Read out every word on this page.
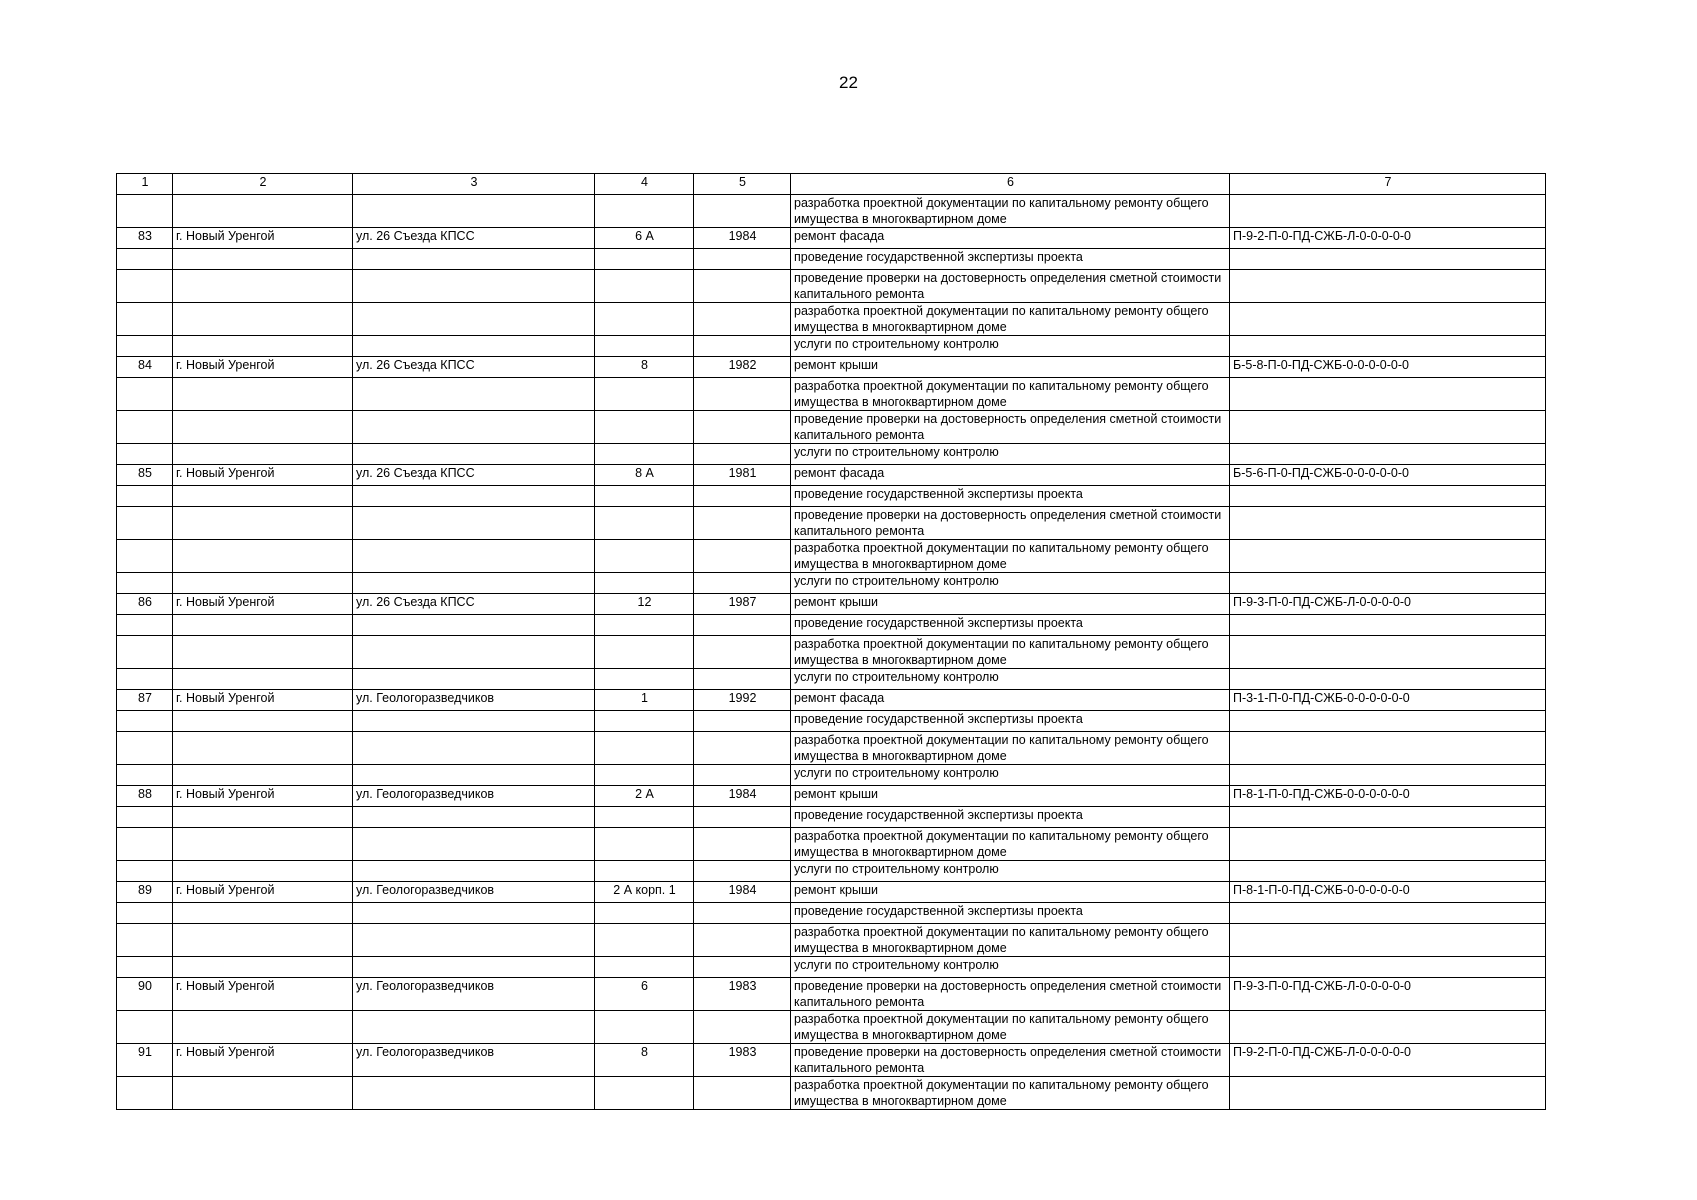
22
1	2	3	4	5	6	7
					разработка проектной документации по капитальному ремонту общего имущества в многоквартирном доме	
83	г. Новый Уренгой	ул. 26 Съезда КПСС	6 А	1984	ремонт фасада	П-9-2-П-0-ПД-СЖБ-Л-0-0-0-0-0
					проведение государственной экспертизы проекта	
					проведение проверки на достоверность определения сметной стоимости капитального ремонта	
					разработка проектной документации по капитальному ремонту общего имущества в многоквартирном доме	
					услуги по строительному контролю	
84	г. Новый Уренгой	ул. 26 Съезда КПСС	8	1982	ремонт крыши	Б-5-8-П-0-ПД-СЖБ-0-0-0-0-0-0
					разработка проектной документации по капитальному ремонту общего имущества в многоквартирном доме	
					проведение проверки на достоверность определения сметной стоимости капитального ремонта	
					услуги по строительному контролю	
85	г. Новый Уренгой	ул. 26 Съезда КПСС	8 А	1981	ремонт фасада	Б-5-6-П-0-ПД-СЖБ-0-0-0-0-0-0
					проведение государственной экспертизы проекта	
					проведение проверки на достоверность определения сметной стоимости капитального ремонта	
					разработка проектной документации по капитальному ремонту общего имущества в многоквартирном доме	
					услуги по строительному контролю	
86	г. Новый Уренгой	ул. 26 Съезда КПСС	12	1987	ремонт крыши	П-9-3-П-0-ПД-СЖБ-Л-0-0-0-0-0
					проведение государственной экспертизы проекта	
					разработка проектной документации по капитальному ремонту общего имущества в многоквартирном доме	
					услуги по строительному контролю	
87	г. Новый Уренгой	ул. Геологоразведчиков	1	1992	ремонт фасада	П-3-1-П-0-ПД-СЖБ-0-0-0-0-0-0
					проведение государственной экспертизы проекта	
					разработка проектной документации по капитальному ремонту общего имущества в многоквартирном доме	
					услуги по строительному контролю	
88	г. Новый Уренгой	ул. Геологоразведчиков	2 А	1984	ремонт крыши	П-8-1-П-0-ПД-СЖБ-0-0-0-0-0-0
					проведение государственной экспертизы проекта	
					разработка проектной документации по капитальному ремонту общего имущества в многоквартирном доме	
					услуги по строительному контролю	
89	г. Новый Уренгой	ул. Геологоразведчиков	2 А корп. 1	1984	ремонт крыши	П-8-1-П-0-ПД-СЖБ-0-0-0-0-0-0
					проведение государственной экспертизы проекта	
					разработка проектной документации по капитальному ремонту общего имущества в многоквартирном доме	
					услуги по строительному контролю	
90	г. Новый Уренгой	ул. Геологоразведчиков	6	1983	проведение проверки на достоверность определения сметной стоимости капитального ремонта	П-9-3-П-0-ПД-СЖБ-Л-0-0-0-0-0
					разработка проектной документации по капитальному ремонту общего имущества в многоквартирном доме	
91	г. Новый Уренгой	ул. Геологоразведчиков	8	1983	проведение проверки на достоверность определения сметной стоимости капитального ремонта	П-9-2-П-0-ПД-СЖБ-Л-0-0-0-0-0
					разработка проектной документации по капитальному ремонту общего имущества в многоквартирном доме	
